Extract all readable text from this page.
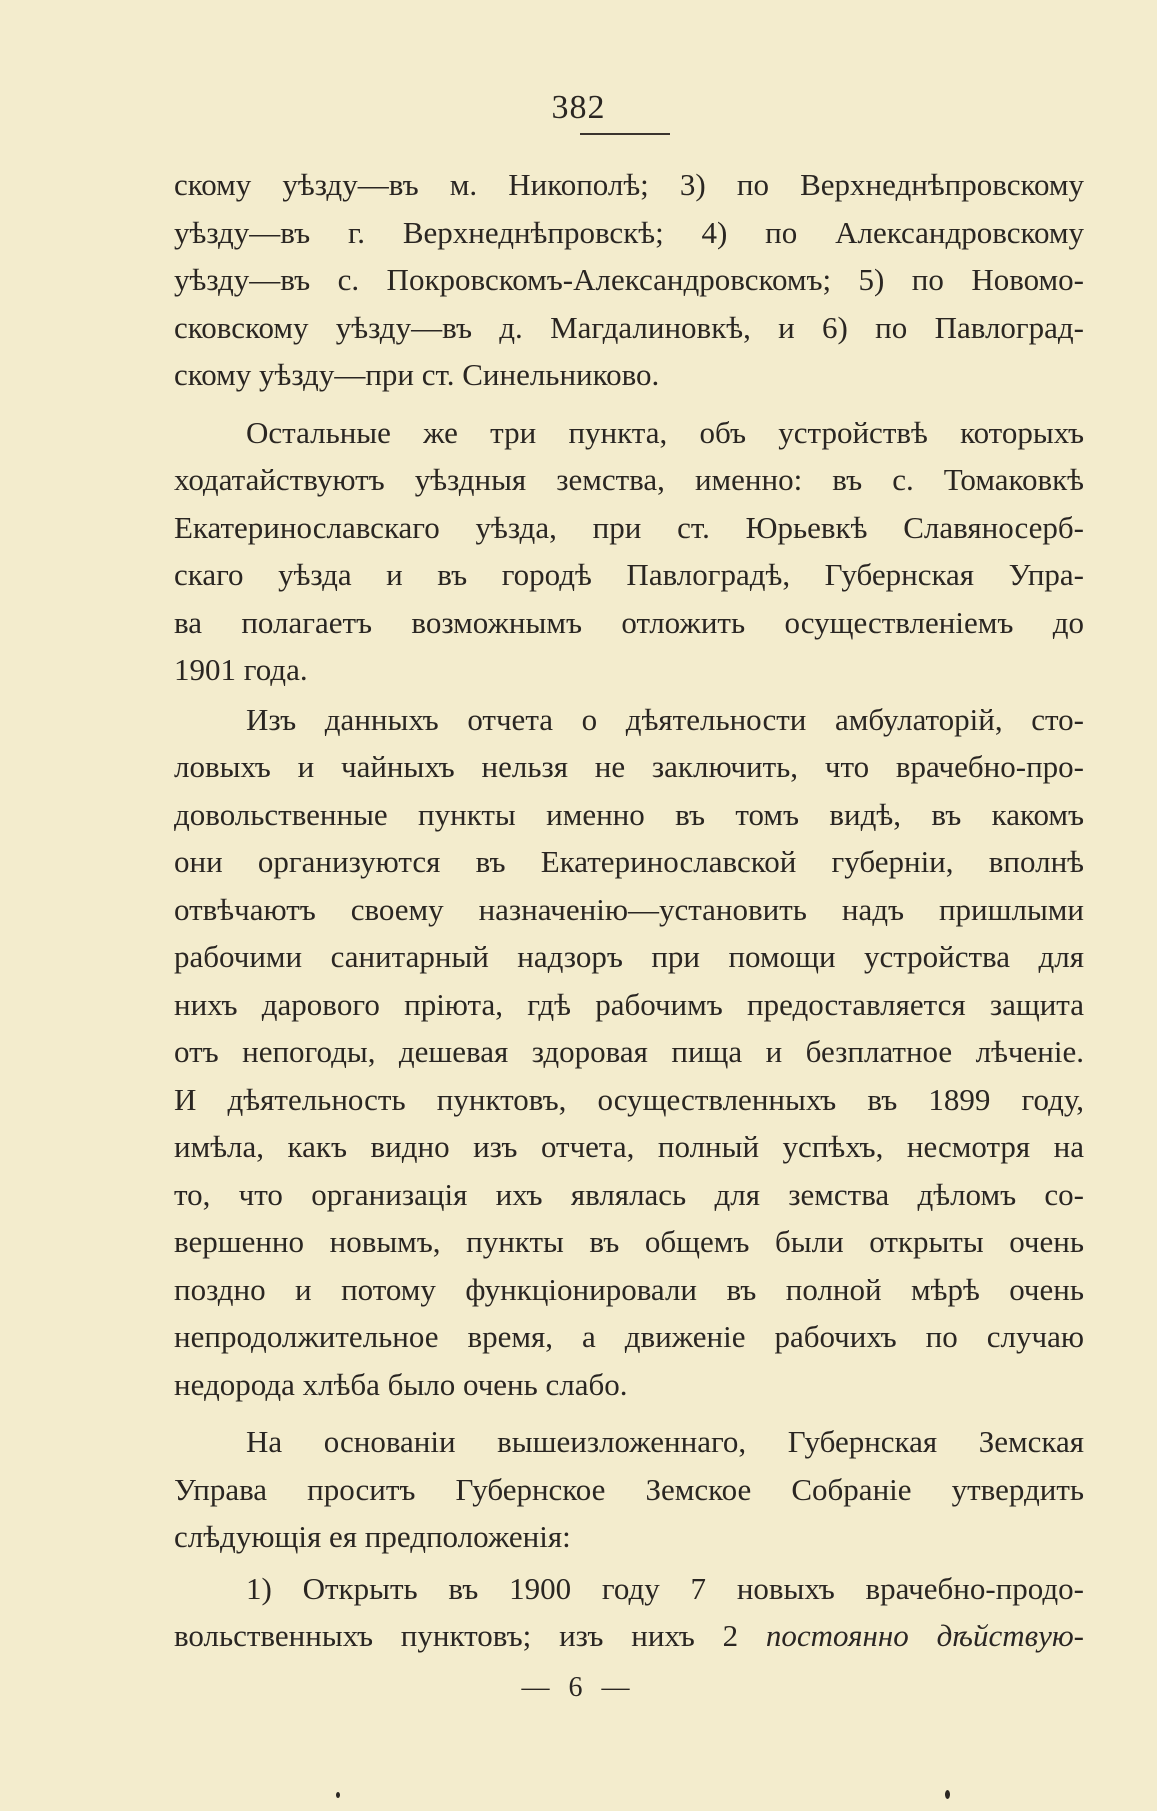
382
скому уѣзду—въ м. Никополѣ; 3) по Верхнеднѣпровскому
уѣзду—въ г. Верхнеднѣпровскѣ; 4) по Александровскому
уѣзду—въ с. Покровскомъ-Александровскомъ; 5) по Новомо-
сковскому уѣзду—въ д. Магдалиновкѣ, и 6) по Павлоград-
скому уѣзду—при ст. Синельниково.
Остальные же три пункта, объ устройствѣ которыхъ
ходатайствуютъ уѣздныя земства, именно: въ с. Томаковкѣ
Екатеринославскаго уѣзда, при ст. Юрьевкѣ Славяносерб-
скаго уѣзда и въ городѣ Павлоградѣ, Губернская Упра-
ва полагаетъ возможнымъ отложить осуществленіемъ до
1901 года.
Изъ данныхъ отчета о дѣятельности амбулаторій, сто-
ловыхъ и чайныхъ нельзя не заключить, что врачебно-про-
довольственные пункты именно въ томъ видѣ, въ какомъ
они организуются въ Екатеринославской губерніи, вполнѣ
отвѣчаютъ своему назначенію—установить надъ пришлыми
рабочими санитарный надзоръ при помощи устройства для
нихъ даровoго пріюта, гдѣ рабочимъ предоставляется защита
отъ непогоды, дешевая здоровая пища и безплатное лѣченіе.
И дѣятельность пунктовъ, осуществленныхъ въ 1899 году,
имѣла, какъ видно изъ отчета, полный успѣхъ, несмотря на
то, что организація ихъ являлась для земства дѣломъ со-
вершенно новымъ, пункты въ общемъ были открыты очень
поздно и потому функціонировали въ полной мѣрѣ очень
непродолжительное время, а движеніе рабочихъ по случаю
недорода хлѣба было очень слабо.
На основаніи вышеизложеннаго, Губернская Земская
Управа проситъ Губернское Земское Собраніе утвердить
слѣдующія ея предположенія:
1) Открыть въ 1900 году 7 новыхъ врачебно-продо-
вольственныхъ пунктовъ; изъ нихъ 2 постоянно дѣйствую-
— 6 —
